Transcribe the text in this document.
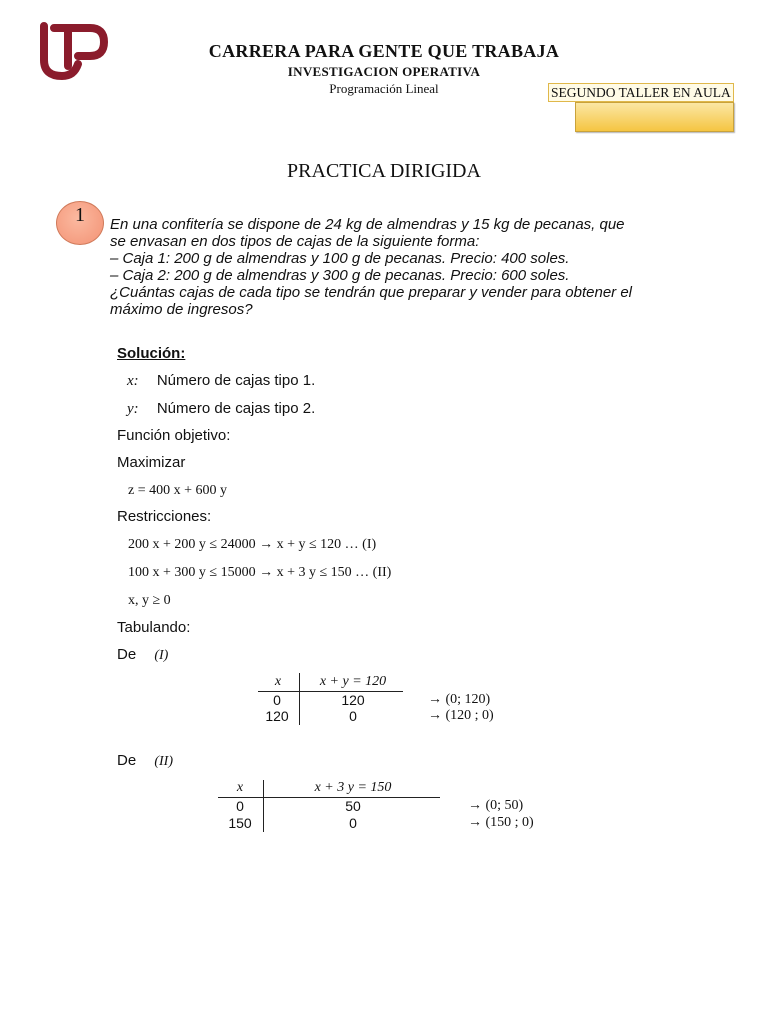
CARRERA PARA GENTE QUE TRABAJA
INVESTIGACION OPERATIVA
Programación Lineal	SEGUNDO TALLER EN AULA
PRACTICA DIRIGIDA
1	En una confitería se dispone de 24 kg de almendras y 15 kg de pecanas, que
se envasan en dos tipos de cajas de la siguiente forma:
– Caja 1: 200 g de almendras y 100 g de pecanas. Precio: 400 soles.
– Caja 2: 200 g de almendras y 300 g de pecanas. Precio: 600 soles.
¿Cuántas cajas de cada tipo se tendrán que preparar y vender para obtener el
máximo de ingresos?
Solución:
x: Número de cajas tipo 1.
y: Número de cajas tipo 2.
Función objetivo:
Maximizar
z = 400 x + 600 y
Restricciones:
200 x + 200 y ≤ 24000 → x + y ≤ 120 … (I)
100 x + 300 y ≤ 15000 → x + 3 y ≤ 150 … (II)
x, y ≥ 0
Tabulando:
De (I)
x	x + y = 120
0	120	→ (0; 120)
120	0	→ (120 ; 0)
De (II)
x	x + 3 y = 150
0	50	→ (0; 50)
150	0	→ (150 ; 0)
